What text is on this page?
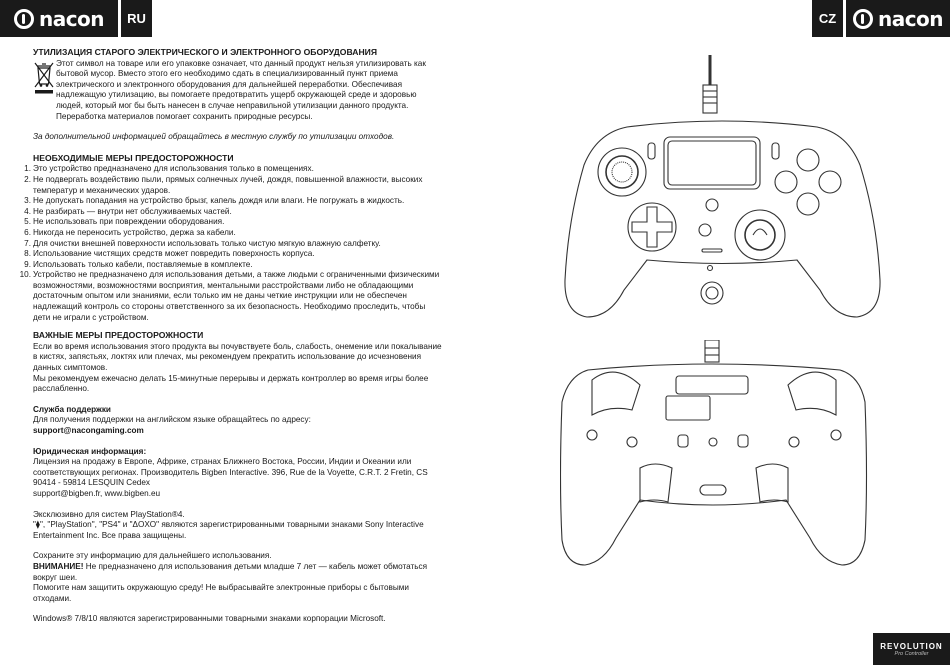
nacon	RU	CZ	nacon
УТИЛИЗАЦИЯ СТАРОГО ЭЛЕКТРИЧЕСКОГО И ЭЛЕКТРОННОГО ОБОРУДОВАНИЯ

Этот символ на товаре или его упаковке означает, что данный продукт нельзя утилизировать как бытовой мусор. Вместо этого его необходимо сдать в специализированный пункт приема электрического и электронного оборудования для дальнейшей переработки. Обеспечивая надлежащую утилизацию, вы помогаете предотвратить ущерб окружающей среде и здоровью людей, который мог бы быть нанесен в случае неправильной утилизации данного продукта. Переработка материалов помогает сохранить природные ресурсы.

За дополнительной информацией обращайтесь в местную службу по утилизации отходов.

НЕОБХОДИМЫЕ МЕРЫ ПРЕДОСТОРОЖНОСТИ
1. Это устройство предназначено для использования только в помещениях.
2. Не подвергать воздействию пыли, прямых солнечных лучей, дождя, повышенной влажности, высоких температур и механических ударов.
3. Не допускать попадания на устройство брызг, капель дождя или влаги. Не погружать в жидкость.
4. Не разбирать — внутри нет обслуживаемых частей.
5. Не использовать при повреждении оборудования.
6. Никогда не переносить устройство, держа за кабели.
7. Для очистки внешней поверхности использовать только чистую мягкую влажную салфетку.
8. Использование чистящих средств может повредить поверхность корпуса.
9. Использовать только кабели, поставляемые в комплекте.
10. Устройство не предназначено для использования детьми, а также людьми с ограниченными физическими возможностями, возможностями восприятия, ментальными расстройствами либо не обладающими достаточным опытом или знаниями, если только им не даны четкие инструкции или не обеспечен надлежащий контроль со стороны ответственного за их безопасность. Необходимо проследить, чтобы дети не играли с устройством.
ВАЖНЫЕ МЕРЫ ПРЕДОСТОРОЖНОСТИ

Если во время использования этого продукта вы почувствуете боль, слабость, онемение или покалывание в кистях, запястьях, локтях или плечах, мы рекомендуем прекратить использование до исчезновения данных симптомов.

Мы рекомендуем ежечасно делать 15-минутные перерывы и держать контроллер во время игры более расслабленно.

Служба поддержки

Для получения поддержки на английском языке обращайтесь по адресу:

support@nacongaming.com

Юридическая информация:

Лицензия на продажу в Европе, Африке, странах Ближнего Востока, России, Индии и Океании или соответствующих регионах. Производитель Bigben Interactive. 396, Rue de la Voyette, C.R.T. 2 Fretin, CS 90414 - 59814 LESQUIN Cedex

support@bigben.fr, www.bigben.eu

Эксклюзивно для систем PlayStation®4.

"⧫", "PlayStation", "PS4" и "ΔOXO" являются зарегистрированными товарными знаками Sony Interactive Entertainment Inc. Все права защищены.

Сохраните эту информацию для дальнейшего использования.

ВНИМАНИЕ! Не предназначено для использования детьми младше 7 лет — кабель может обмотаться вокруг шеи.

Помогите нам защитить окружающую среду! Не выбрасывайте электронные приборы с бытовыми отходами.

Windows® 7/8/10 являются зарегистрированными товарными знаками корпорации Microsoft.

REVOLUTION
Pro Controller
